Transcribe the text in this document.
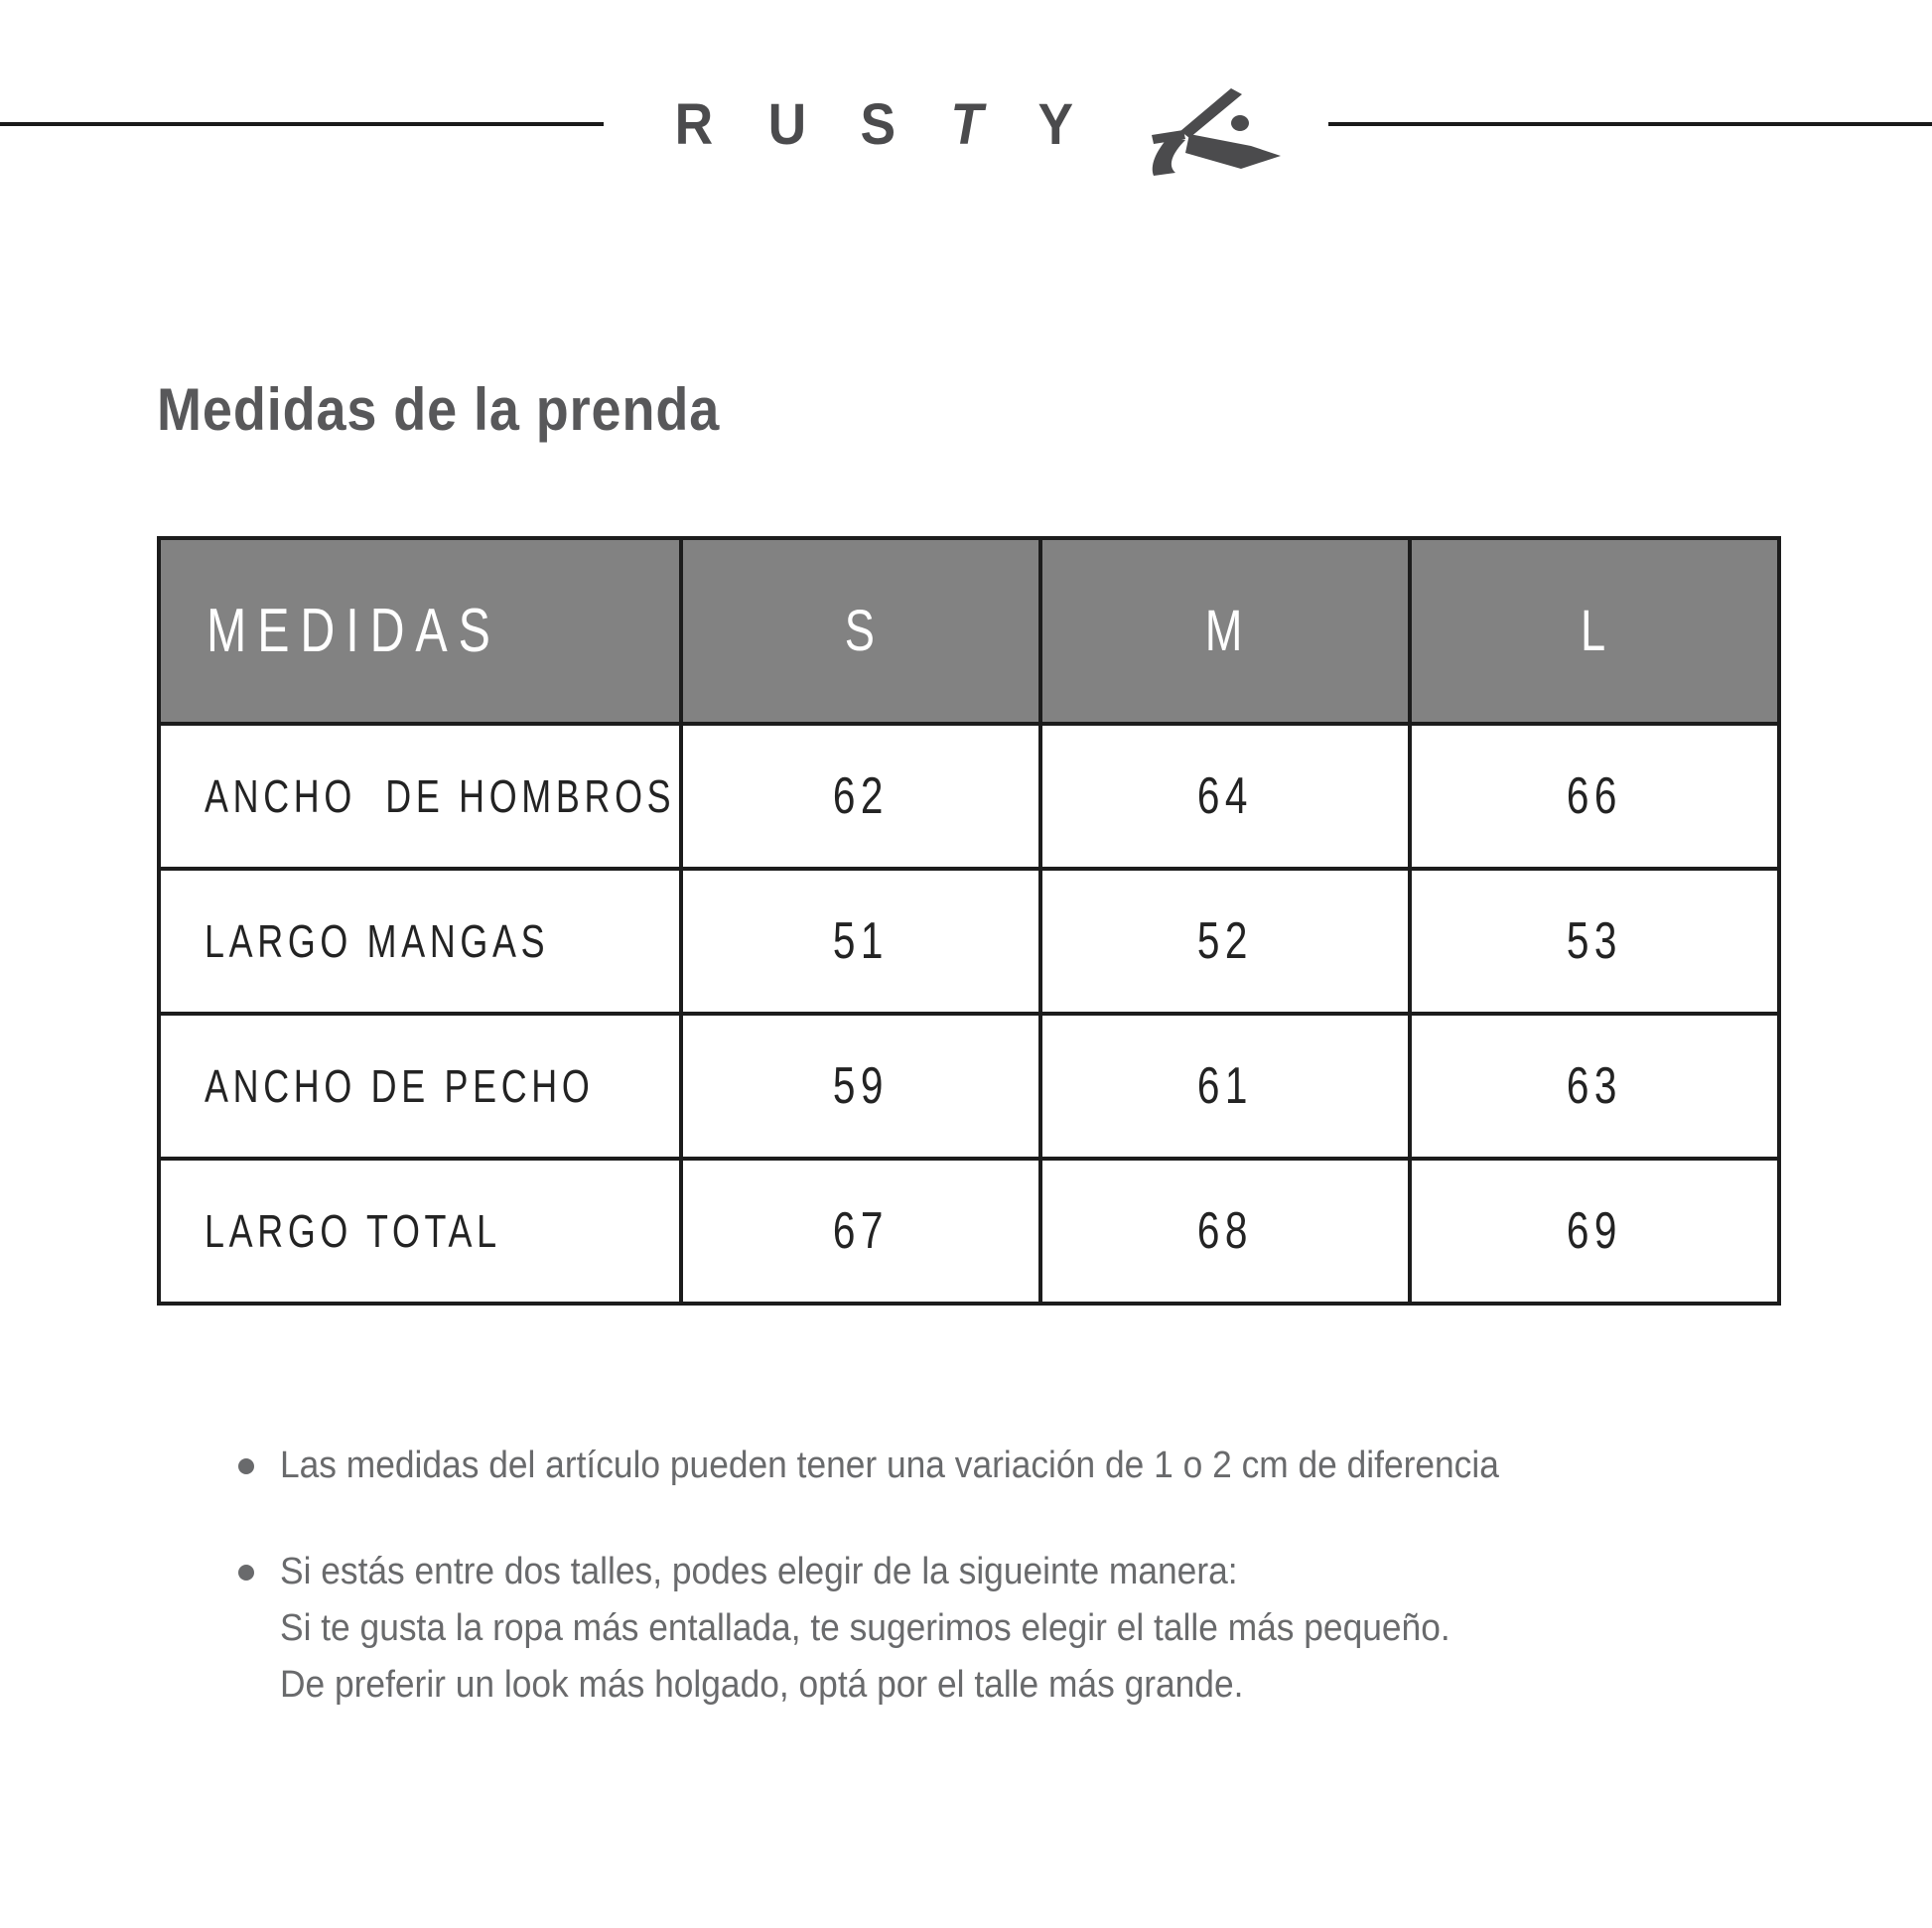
R U S T Y
Medidas de la prenda
MEDIDAS	S	M	L
ANCHO  DE HOMBROS	62	64	66
LARGO MANGAS	51	52	53
ANCHO DE PECHO	59	61	63
LARGO TOTAL	67	68	69
Las medidas del artículo pueden tener una variación de 1 o 2 cm de diferencia
Si estás entre dos talles, podes elegir de la sigueinte manera:
Si te gusta la ropa más entallada, te sugerimos elegir el talle más pequeño.
De preferir un look más holgado, optá por el talle más grande.
